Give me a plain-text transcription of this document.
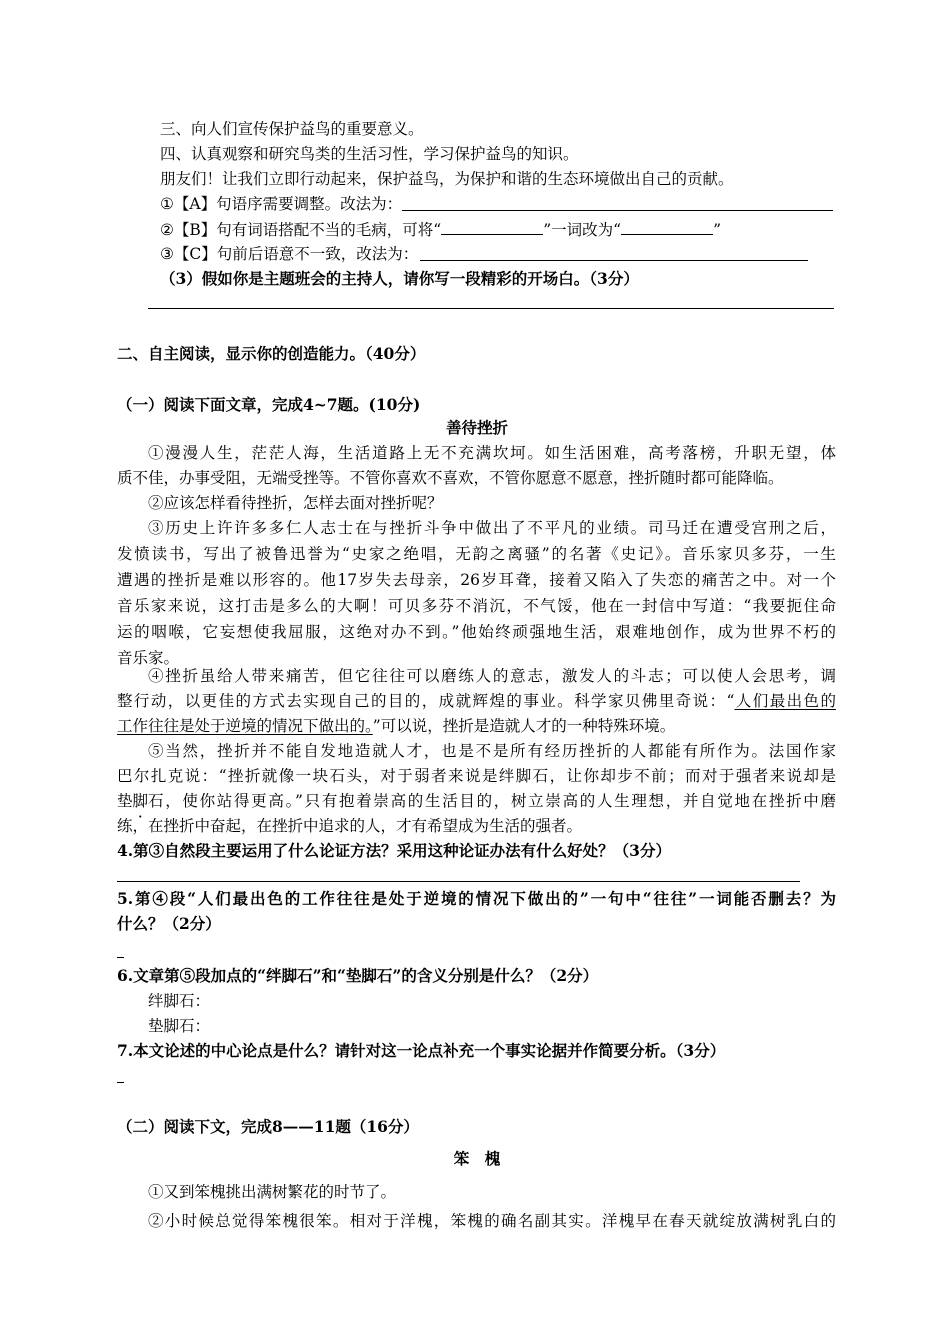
三、向人们宣传保护益鸟的重要意义。
四、认真观察和研究鸟类的生活习性，学习保护益鸟的知识。
朋友们！让我们立即行动起来，保护益鸟，为保护和谐的生态环境做出自己的贡献。
①【A】句语序需要调整。改法为：
②【B】句有词语搭配不当的毛病，可将“	”一词改为“	”
③【C】句前后语意不一致，改法为：
（3）假如你是主题班会的主持人，请你写一段精彩的开场白。（3分）
二、自主阅读，显示你的创造能力。（40分）
（一）阅读下面文章，完成4~7题。(10分)
善待挫折
①漫漫人生，茫茫人海，生活道路上无不充满坎坷。如生活困难，高考落榜，升职无望，体
质不佳，办事受阻，无端受挫等。不管你喜欢不喜欢，不管你愿意不愿意，挫折随时都可能降临。
②应该怎样看待挫折，怎样去面对挫折呢？
③历史上许许多多仁人志士在与挫折斗争中做出了不平凡的业绩。司马迁在遭受宫刑之后，
发愤读书，写出了被鲁迅誉为“史家之绝唱，无韵之离骚”的名著《史记》。音乐家贝多芬，一生
遭遇的挫折是难以形容的。他17岁失去母亲，26岁耳聋，接着又陷入了失恋的痛苦之中。对一个
音乐家来说，这打击是多么的大啊！可贝多芬不消沉，不气馁，他在一封信中写道：“我要扼住命
运的咽喉，它妄想使我屈服，这绝对办不到。”他始终顽强地生活，艰难地创作，成为世界不朽的
音乐家。
④挫折虽给人带来痛苦，但它往往可以磨练人的意志，激发人的斗志；可以使人会思考，调
整行动，以更佳的方式去实现自己的目的，成就辉煌的事业。科学家贝佛里奇说：“人们最出色的
工作往往是处于逆境的情况下做出的。”可以说，挫折是造就人才的一种特殊环境。
⑤当然，挫折并不能自发地造就人才，也是不是所有经历挫折的人都能有所作为。法国作家
巴尔扎克说：“挫折就像一块石头，对于弱者来说是绊脚石，让你却步不前；而对于强者来说却是
垫脚石，使你站得更高。”只有抱着崇高的生活目的，树立崇高的人生理想，并自觉地在挫折中磨
练，在挫折中奋起，在挫折中追求的人，才有希望成为生活的强者。
4.第③自然段主要运用了什么论证方法？采用这种论证办法有什么好处？（3分）
5.第④段“人们最出色的工作往往是处于逆境的情况下做出的”一句中“往往”一词能否删去？为
什么？（2分）
6.文章第⑤段加点的“绊脚石”和“垫脚石”的含义分别是什么？（2分）
绊脚石：
垫脚石：
7.本文论述的中心论点是什么？请针对这一论点补充一个事实论据并作简要分析。（3分）
（二）阅读下文，完成8——11题（16分）
笨　槐
①又到笨槐挑出满树繁花的时节了。
②小时候总觉得笨槐很笨。相对于洋槐，笨槐的确名副其实。洋槐早在春天就绽放满树乳白的
